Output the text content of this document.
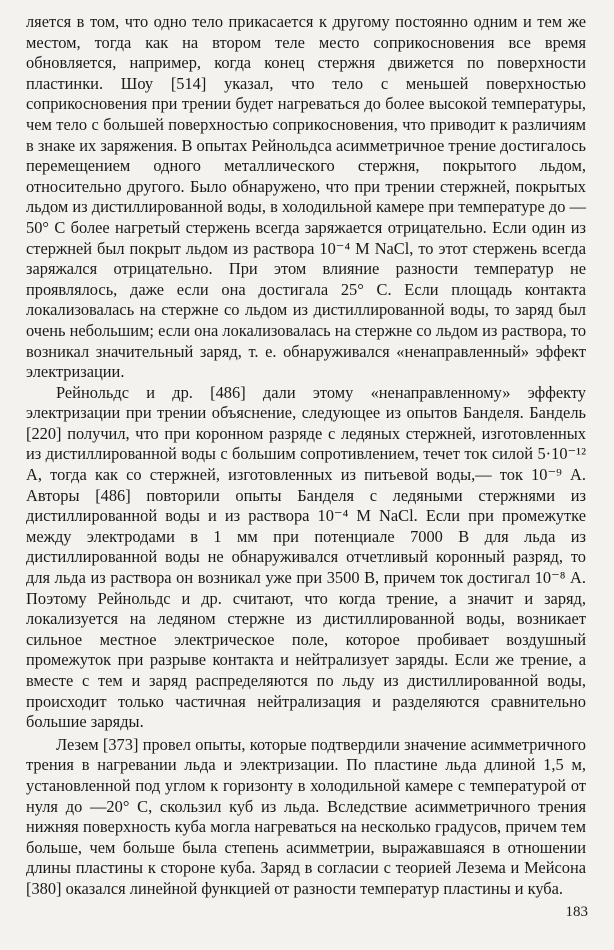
ляется в том, что одно тело прикасается к другому постоянно одним и тем же местом, тогда как на втором теле место соприкосновения все время обновляется, например, когда конец стержня движется по поверхности пластинки. Шоу [514] указал, что тело с меньшей поверхностью соприкосновения при трении будет нагреваться до более высокой температуры, чем тело с большей поверхностью соприкосновения, что приводит к различиям в знаке их заряжения. В опытах Рейнольдса асимметричное трение достигалось перемещением одного металлического стержня, покрытого льдом, относительно другого. Было обнаружено, что при трении стержней, покрытых льдом из дистиллированной воды, в холодильной камере при температуре до —50° С более нагретый стержень всегда заряжается отрицательно. Если один из стержней был покрыт льдом из раствора 10⁻⁴ М NaCl, то этот стержень всегда заряжался отрицательно. При этом влияние разности температур не проявлялось, даже если она достигала 25° С. Если площадь контакта локализовалась на стержне со льдом из дистиллированной воды, то заряд был очень небольшим; если она локализовалась на стержне со льдом из раствора, то возникал значительный заряд, т. е. обнаруживался «ненаправленный» эффект электризации.

Рейнольдс и др. [486] дали этому «ненаправленному» эффекту электризации при трении объяснение, следующее из опытов Банделя. Бандель [220] получил, что при коронном разряде с ледяных стержней, изготовленных из дистиллированной воды с большим сопротивлением, течет ток силой 5·10⁻¹² А, тогда как со стержней, изготовленных из питьевой воды,— ток 10⁻⁹ А. Авторы [486] повторили опыты Банделя с ледяными стержнями из дистиллированной воды и из раствора 10⁻⁴ М NaCl. Если при промежутке между электродами в 1 мм при потенциале 7000 В для льда из дистиллированной воды не обнаруживался отчетливый коронный разряд, то для льда из раствора он возникал уже при 3500 В, причем ток достигал 10⁻⁸ А. Поэтому Рейнольдс и др. считают, что когда трение, а значит и заряд, локализуется на ледяном стержне из дистиллированной воды, возникает сильное местное электрическое поле, которое пробивает воздушный промежуток при разрыве контакта и нейтрализует заряды. Если же трение, а вместе с тем и заряд распределяются по льду из дистиллированной воды, происходит только частичная нейтрализация и разделяются сравнительно большие заряды.

Лезем [373] провел опыты, которые подтвердили значение асимметричного трения в нагревании льда и электризации. По пластине льда длиной 1,5 м, установленной под углом к горизонту в холодильной камере с температурой от нуля до —20° С, скользил куб из льда. Вследствие асимметричного трения нижняя поверхность куба могла нагреваться на несколько градусов, причем тем больше, чем больше была степень асимметрии, выражавшаяся в отношении длины пластины к стороне куба. Заряд в согласии с теорией Лезема и Мейсона [380] оказался линейной функцией от разности температур пластины и куба.

183
